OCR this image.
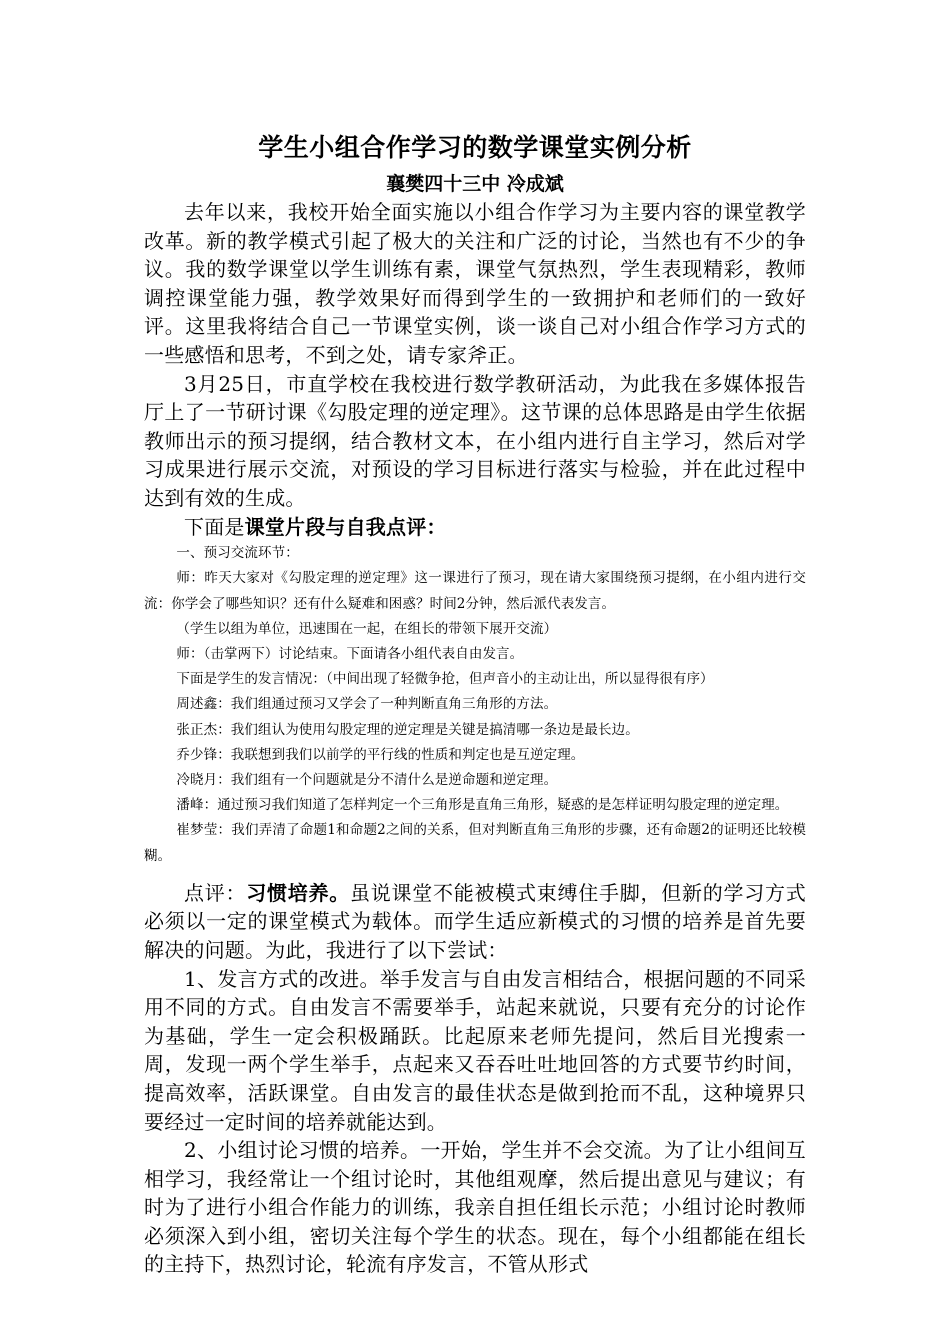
学生小组合作学习的数学课堂实例分析

襄樊四十三中 冷成斌

去年以来，我校开始全面实施以小组合作学习为主要内容的课堂教学改革。新的教学模式引起了极大的关注和广泛的讨论，当然也有不少的争议。我的数学课堂以学生训练有素，课堂气氛热烈，学生表现精彩，教师调控课堂能力强，教学效果好而得到学生的一致拥护和老师们的一致好评。这里我将结合自己一节课堂实例，谈一谈自己对小组合作学习方式的一些感悟和思考，不到之处，请专家斧正。

3月25日，市直学校在我校进行数学教研活动，为此我在多媒体报告厅上了一节研讨课《勾股定理的逆定理》。这节课的总体思路是由学生依据教师出示的预习提纲，结合教材文本，在小组内进行自主学习，然后对学习成果进行展示交流，对预设的学习目标进行落实与检验，并在此过程中达到有效的生成。

下面是课堂片段与自我点评：

一、预习交流环节：

师：昨天大家对《勾股定理的逆定理》这一课进行了预习，现在请大家围绕预习提纲，在小组内进行交流：你学会了哪些知识？还有什么疑难和困惑？时间2分钟，然后派代表发言。

（学生以组为单位，迅速围在一起，在组长的带领下展开交流）

师：（击掌两下）讨论结束。下面请各小组代表自由发言。

下面是学生的发言情况：（中间出现了轻微争抢，但声音小的主动让出，所以显得很有序）

周述鑫：我们组通过预习又学会了一种判断直角三角形的方法。

张正杰：我们组认为使用勾股定理的逆定理是关键是搞清哪一条边是最长边。

乔少锋：我联想到我们以前学的平行线的性质和判定也是互逆定理。

冷晓月：我们组有一个问题就是分不清什么是逆命题和逆定理。

潘峰：通过预习我们知道了怎样判定一个三角形是直角三角形，疑惑的是怎样证明勾股定理的逆定理。

崔梦莹：我们弄清了命题1和命题2之间的关系，但对判断直角三角形的步骤，还有命题2的证明还比较模糊。

点评：习惯培养。虽说课堂不能被模式束缚住手脚，但新的学习方式必须以一定的课堂模式为载体。而学生适应新模式的习惯的培养是首先要解决的问题。为此，我进行了以下尝试：

1、发言方式的改进。举手发言与自由发言相结合，根据问题的不同采用不同的方式。自由发言不需要举手，站起来就说，只要有充分的讨论作为基础，学生一定会积极踊跃。比起原来老师先提问，然后目光搜索一周，发现一两个学生举手，点起来又吞吞吐吐地回答的方式要节约时间，提高效率，活跃课堂。自由发言的最佳状态是做到抢而不乱，这种境界只要经过一定时间的培养就能达到。

2、小组讨论习惯的培养。一开始，学生并不会交流。为了让小组间互相学习，我经常让一个组讨论时，其他组观摩，然后提出意见与建议；有时为了进行小组合作能力的训练，我亲自担任组长示范；小组讨论时教师必须深入到小组，密切关注每个学生的状态。现在，每个小组都能在组长的主持下，热烈讨论，轮流有序发言，不管从形式
